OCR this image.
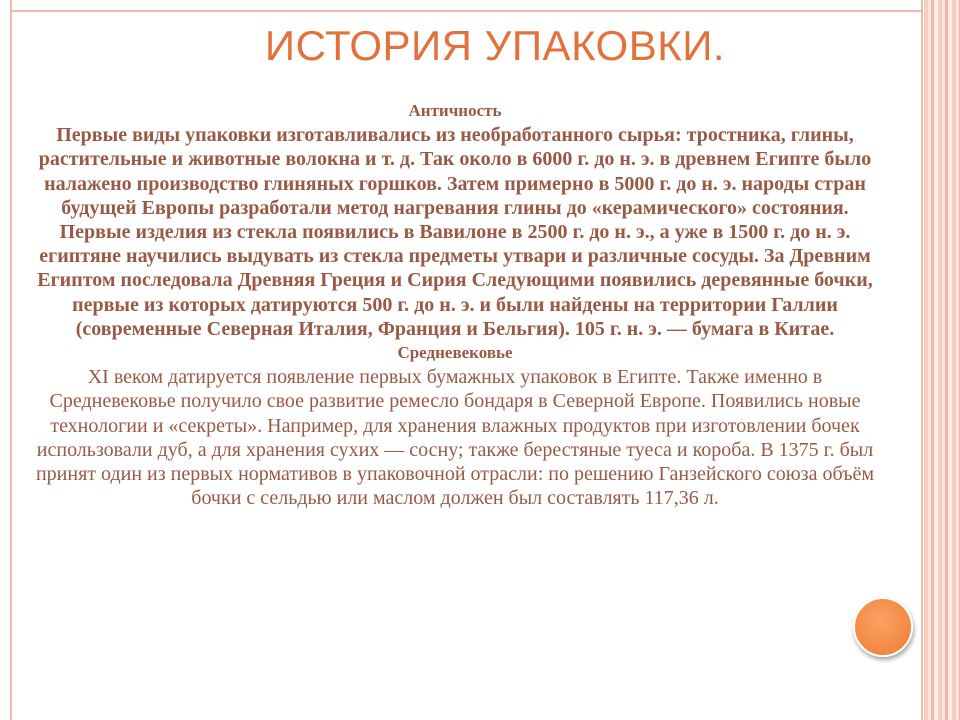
ИСТОРИЯ УПАКОВКИ.

Античность

Первые виды упаковки изготавливались из необработанного сырья: тростника, глины, растительные и животные волокна и т. д. Так около в 6000 г. до н. э. в древнем Египте было налажено производство глиняных горшков. Затем примерно в 5000 г. до н. э. народы стран будущей Европы разработали метод нагревания глины до «керамического» состояния. Первые изделия из стекла появились в Вавилоне в 2500 г. до н. э., а уже в 1500 г. до н. э. египтяне научились выдувать из стекла предметы утвари и различные сосуды. За Древним Египтом последовала Древняя Греция и Сирия Следующими появились деревянные бочки, первые из которых датируются 500 г. до н. э. и были найдены на территории Галлии (современные Северная Италия, Франция и Бельгия). 105 г. н. э. — бумага в Китае.

Средневековье

XI веком датируется появление первых бумажных упаковок в Египте. Также именно в Средневековье получило свое развитие ремесло бондаря в Северной Европе. Появились новые технологии и «секреты». Например, для хранения влажных продуктов при изготовлении бочек использовали дуб, а для хранения сухих — сосну; также берестяные туеса и короба. В 1375 г. был принят один из первых нормативов в упаковочной отрасли: по решению Ганзейского союза объём бочки с сельдью или маслом должен был составлять 117,36 л.
